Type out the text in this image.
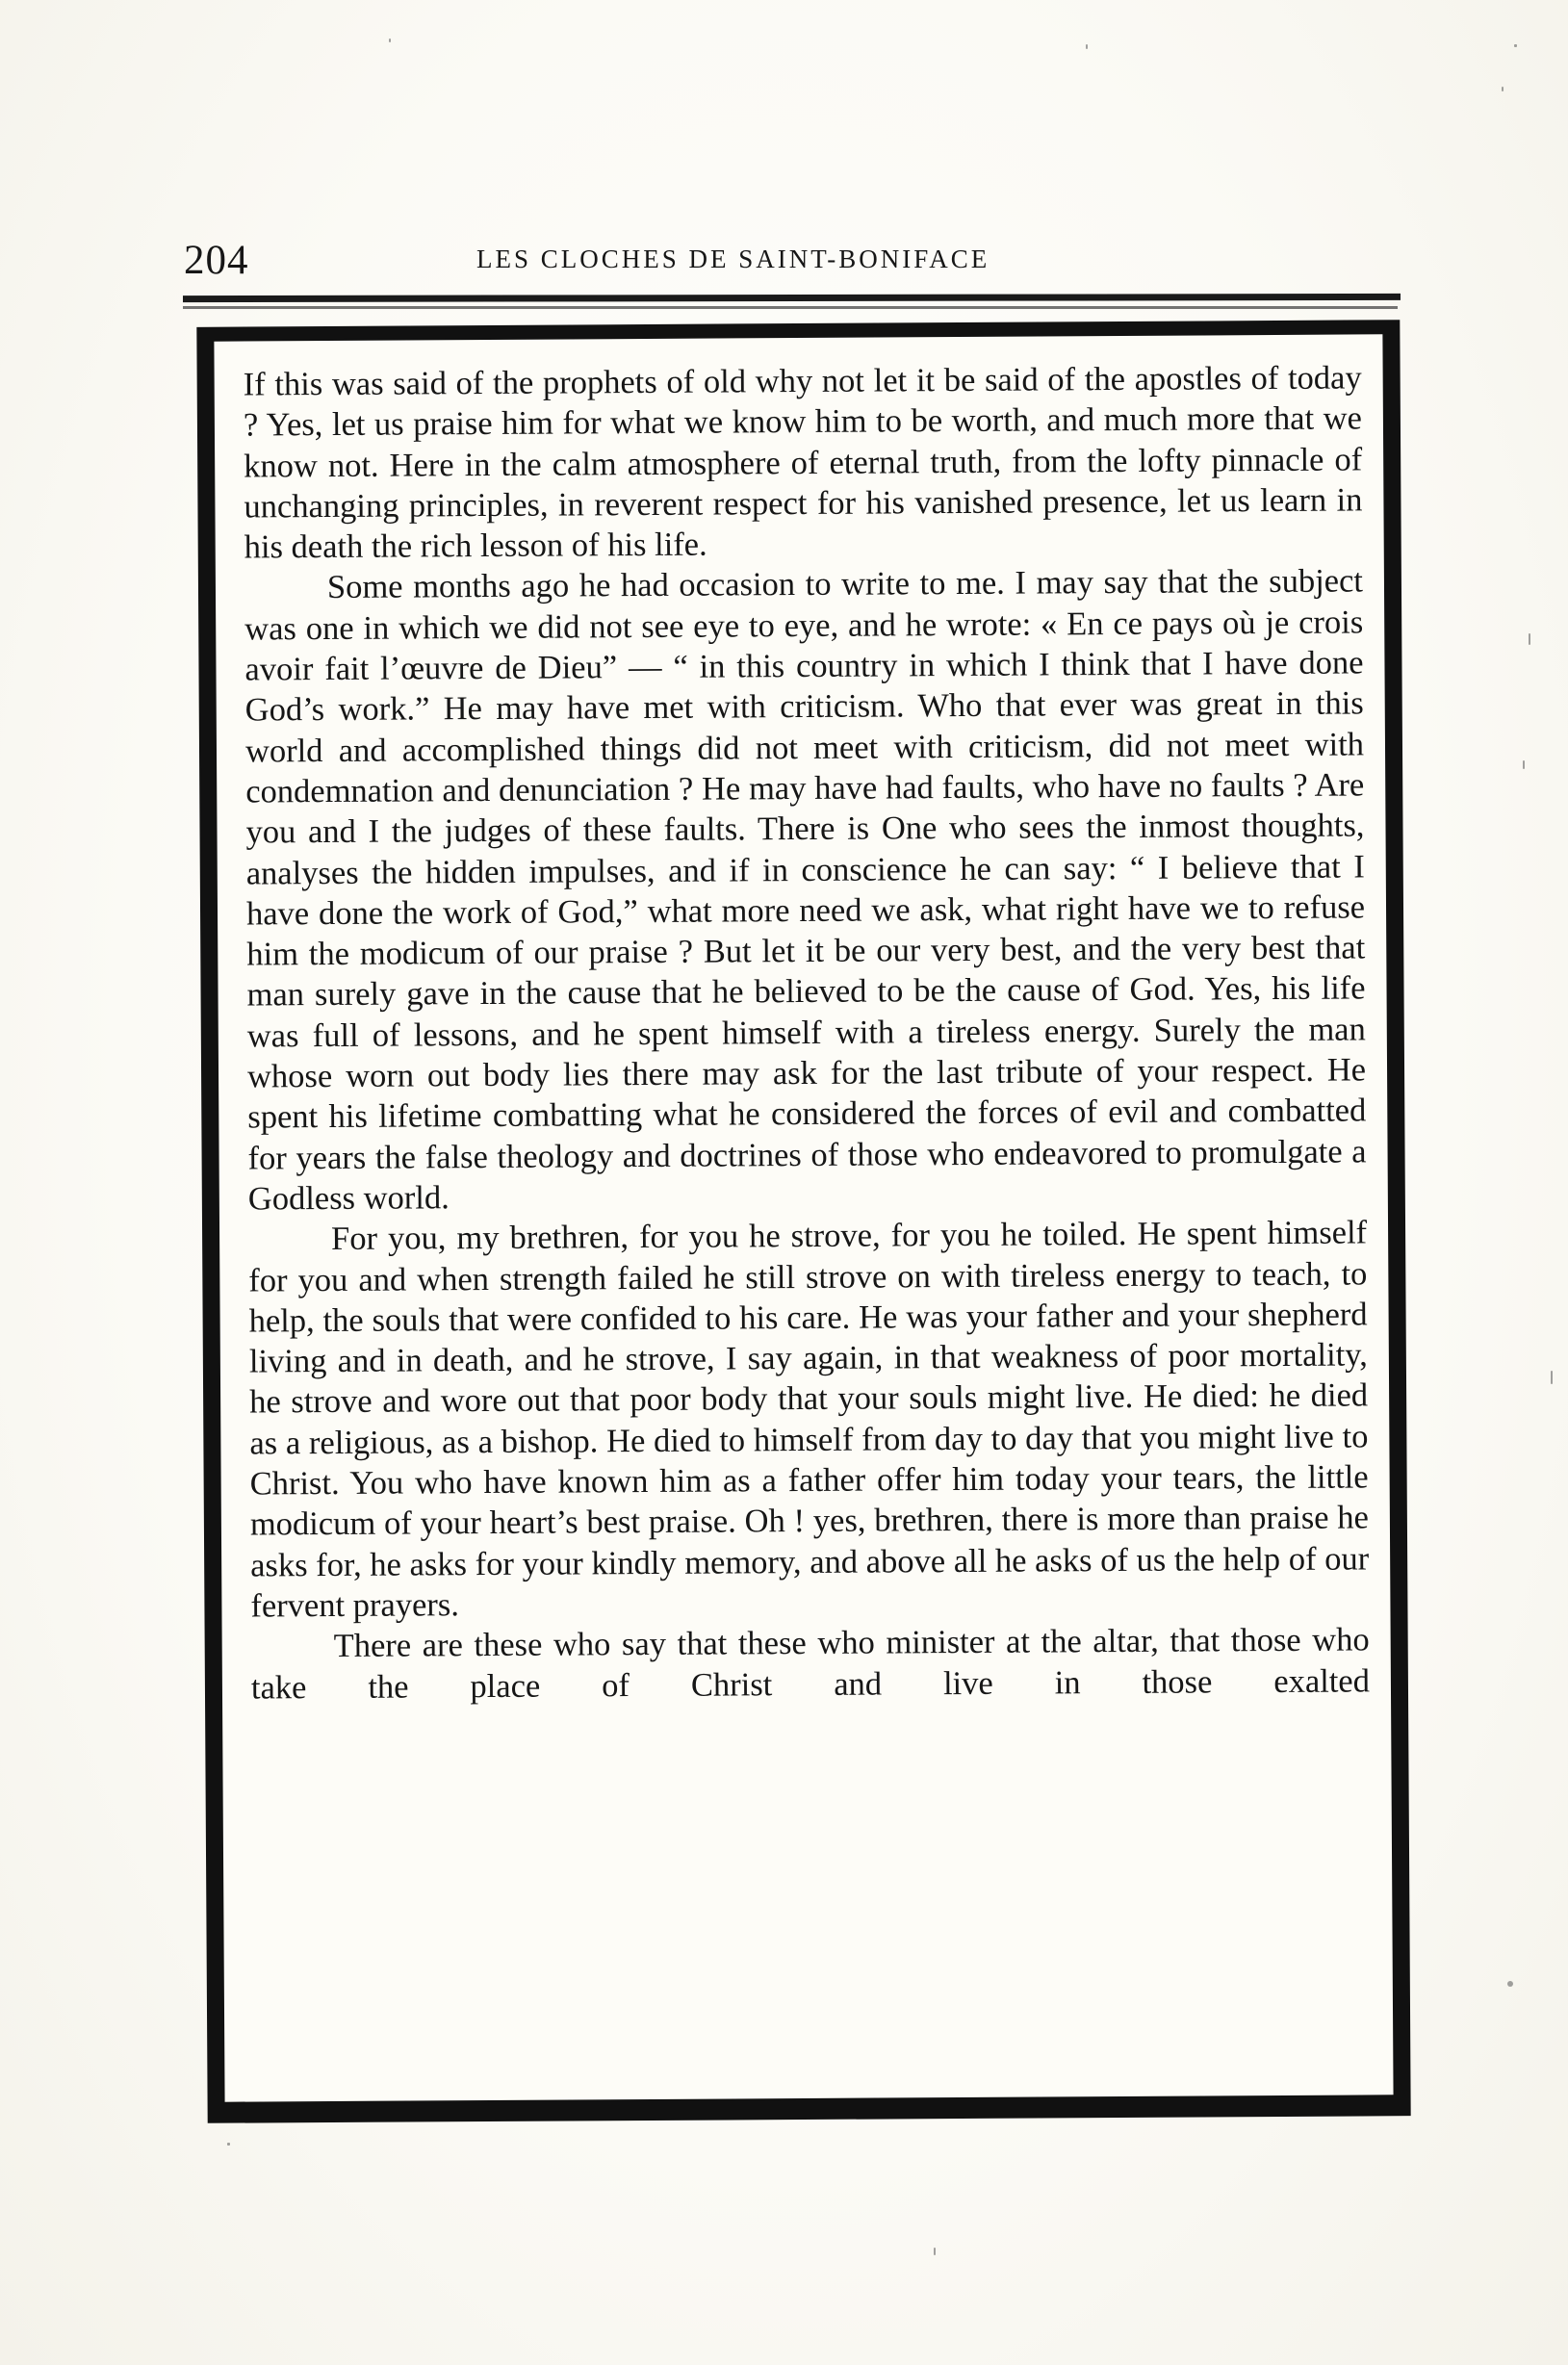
204	LES CLOCHES DE SAINT-BONIFACE

If this was said of the prophets of old why not let it be said of the apostles of today ? Yes, let us praise him for what we know him to be worth, and much more that we know not. Here in the calm atmosphere of eternal truth, from the lofty pinnacle of unchanging principles, in reverent respect for his vanished presence, let us learn in his death the rich lesson of his life.

Some months ago he had occasion to write to me. I may say that the subject was one in which we did not see eye to eye, and he wrote: « En ce pays où je crois avoir fait l’œuvre de Dieu” — “ in this country in which I think that I have done God’s work.” He may have met with criticism. Who that ever was great in this world and accomplished things did not meet with criticism, did not meet with condemnation and denunciation ? He may have had faults, who have no faults ? Are you and I the judges of these faults. There is One who sees the inmost thoughts, analyses the hidden impulses, and if in conscience he can say: “ I believe that I have done the work of God,” what more need we ask, what right have we to refuse him the modicum of our praise ? But let it be our very best, and the very best that man surely gave in the cause that he believed to be the cause of God. Yes, his life was full of lessons, and he spent himself with a tireless energy. Surely the man whose worn out body lies there may ask for the last tribute of your respect. He spent his lifetime combatting what he considered the forces of evil and combatted for years the false theology and doctrines of those who endeavored to promulgate a Godless world.

For you, my brethren, for you he strove, for you he toiled. He spent himself for you and when strength failed he still strove on with tireless energy to teach, to help, the souls that were confided to his care. He was your father and your shepherd living and in death, and he strove, I say again, in that weakness of poor mortality, he strove and wore out that poor body that your souls might live. He died: he died as a religious, as a bishop. He died to himself from day to day that you might live to Christ. You who have known him as a father offer him today your tears, the little modicum of your heart’s best praise. Oh ! yes, brethren, there is more than praise he asks for, he asks for your kindly memory, and above all he asks of us the help of our fervent prayers.

There are these who say that these who minister at the altar, that those who take the place of Christ and live in those exalted
